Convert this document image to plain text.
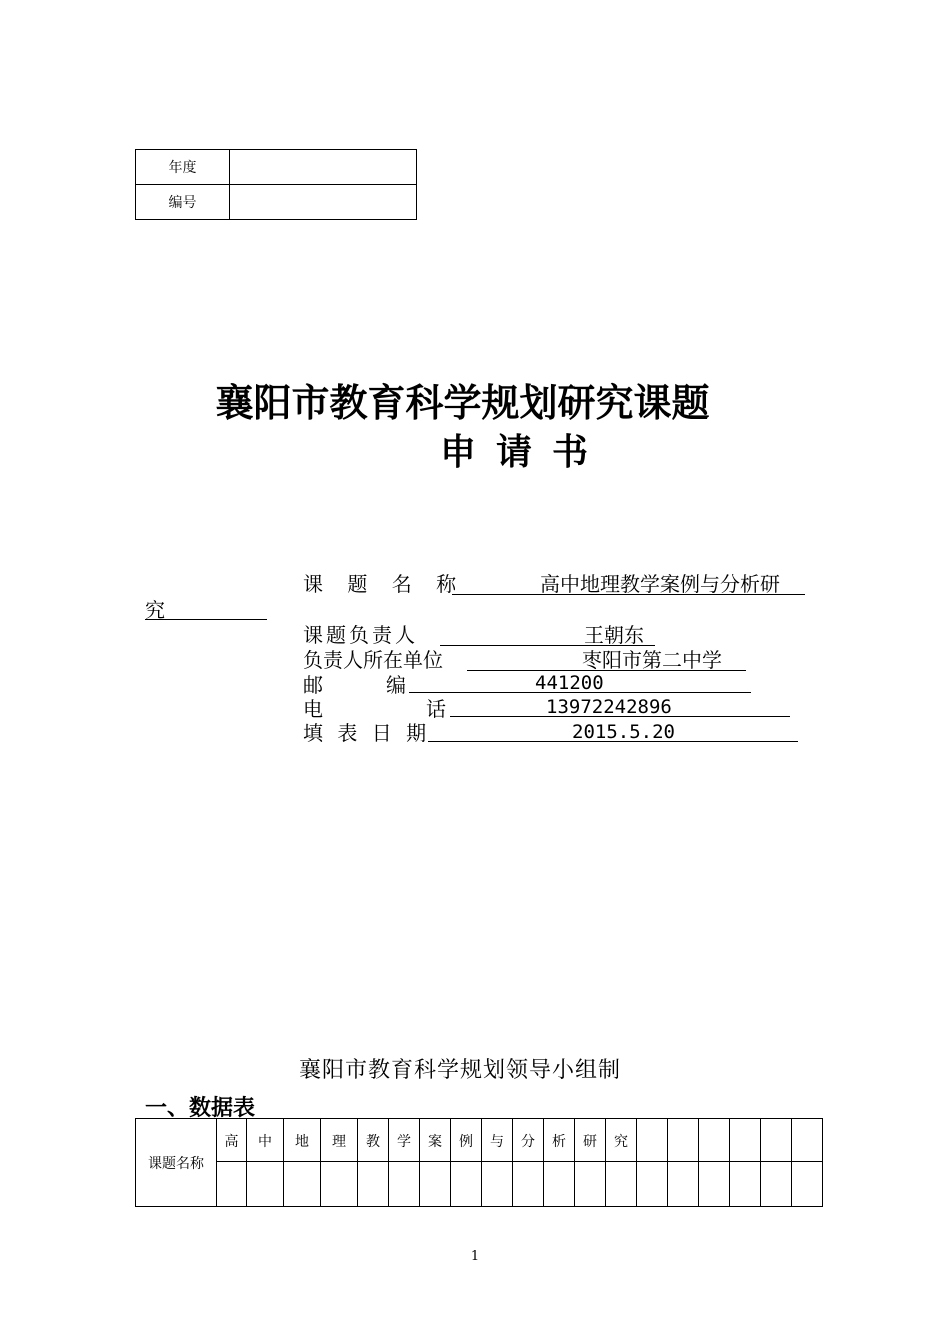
年度	
编号	
襄阳市教育科学规划研究课题
申请书
课 题 名 称	高中地理教学案例与分析研
究
课题负责人	王朝东
负责人所在单位	枣阳市第二中学
邮	编	441200
电	话	13972242896
填 表 日 期	2015.5.20
襄阳市教育科学规划领导小组制
一、数据表
课题名称	高	中	地	理	教	学	案	例	与	分	析	研	究						

1
